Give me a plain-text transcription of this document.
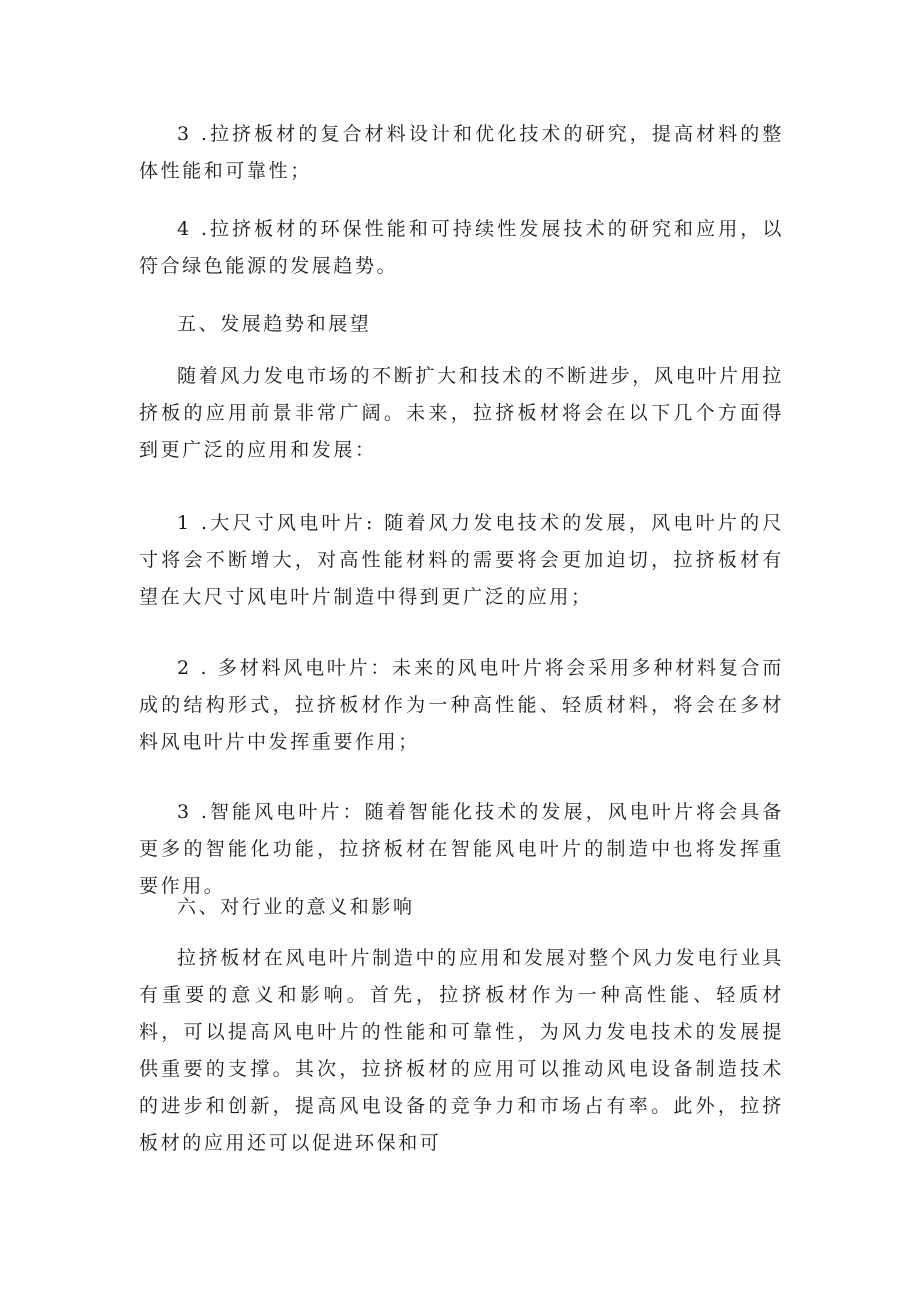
3 .拉挤板材的复合材料设计和优化技术的研究，提高材料的整体性能和可靠性；

4 .拉挤板材的环保性能和可持续性发展技术的研究和应用，以符合绿色能源的发展趋势。

五、发展趋势和展望

随着风力发电市场的不断扩大和技术的不断进步，风电叶片用拉挤板的应用前景非常广阔。未来，拉挤板材将会在以下几个方面得到更广泛的应用和发展：

1 .大尺寸风电叶片: 随着风力发电技术的发展，风电叶片的尺寸将会不断增大，对高性能材料的需要将会更加迫切，拉挤板材有望在大尺寸风电叶片制造中得到更广泛的应用；

2 . 多材料风电叶片：未来的风电叶片将会采用多种材料复合而成的结构形式，拉挤板材作为一种高性能、轻质材料，将会在多材料风电叶片中发挥重要作用；

3 .智能风电叶片：随着智能化技术的发展，风电叶片将会具备更多的智能化功能，拉挤板材在智能风电叶片的制造中也将发挥重要作用。

六、对行业的意义和影响

拉挤板材在风电叶片制造中的应用和发展对整个风力发电行业具有重要的意义和影响。首先，拉挤板材作为一种高性能、轻质材料，可以提高风电叶片的性能和可靠性，为风力发电技术的发展提供重要的支撑。其次，拉挤板材的应用可以推动风电设备制造技术的进步和创新，提高风电设备的竞争力和市场占有率。此外，拉挤板材的应用还可以促进环保和可
